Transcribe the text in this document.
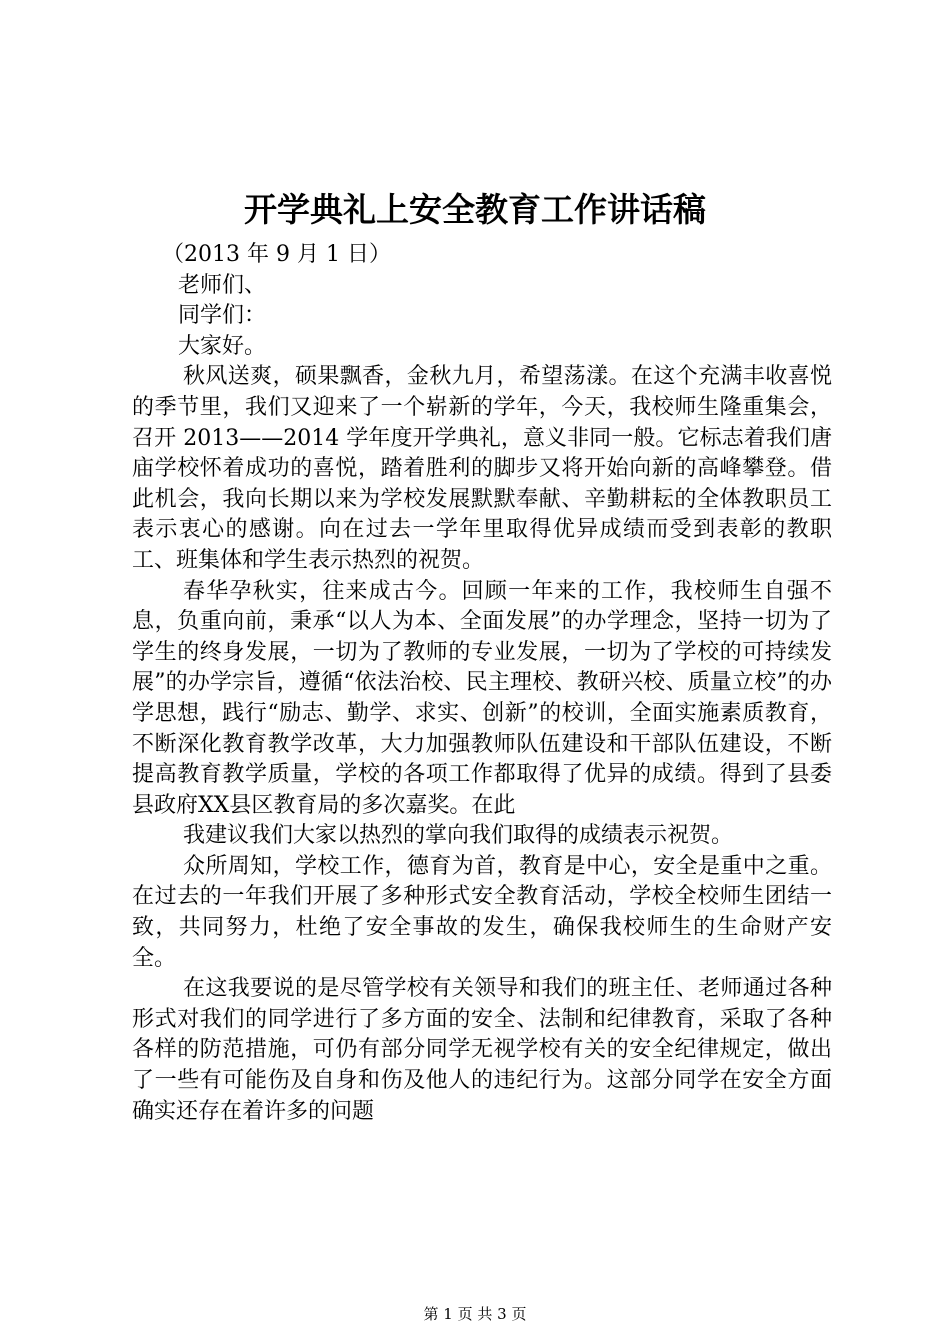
开学典礼上安全教育工作讲话稿

（2013 年 9 月 1 日）

老师们、

同学们：

大家好。

秋风送爽，硕果飘香，金秋九月，希望荡漾。在这个充满丰收喜悦的季节里，我们又迎来了一个崭新的学年，今天，我校师生隆重集会，召开 2013——2014 学年度开学典礼，意义非同一般。它标志着我们唐庙学校怀着成功的喜悦，踏着胜利的脚步又将开始向新的高峰攀登。借此机会，我向长期以来为学校发展默默奉献、辛勤耕耘的全体教职员工表示衷心的感谢。向在过去一学年里取得优异成绩而受到表彰的教职工、班集体和学生表示热烈的祝贺。

春华孕秋实，往来成古今。回顾一年来的工作，我校师生自强不息，负重向前，秉承“以人为本、全面发展”的办学理念，坚持一切为了学生的终身发展，一切为了教师的专业发展，一切为了学校的可持续发展”的办学宗旨，遵循“依法治校、民主理校、教研兴校、质量立校”的办学思想，践行“励志、勤学、求实、创新”的校训，全面实施素质教育，不断深化教育教学改革，大力加强教师队伍建设和干部队伍建设，不断提高教育教学质量，学校的各项工作都取得了优异的成绩。得到了县委县政府XX县区教育局的多次嘉奖。在此

我建议我们大家以热烈的掌向我们取得的成绩表示祝贺。

众所周知，学校工作，德育为首，教育是中心，安全是重中之重。在过去的一年我们开展了多种形式安全教育活动，学校全校师生团结一致，共同努力，杜绝了安全事故的发生，确保我校师生的生命财产安全。

在这我要说的是尽管学校有关领导和我们的班主任、老师通过各种形式对我们的同学进行了多方面的安全、法制和纪律教育，采取了各种各样的防范措施，可仍有部分同学无视学校有关的安全纪律规定，做出了一些有可能伤及自身和伤及他人的违纪行为。这部分同学在安全方面确实还存在着许多的问题

第 1 页 共 3 页
